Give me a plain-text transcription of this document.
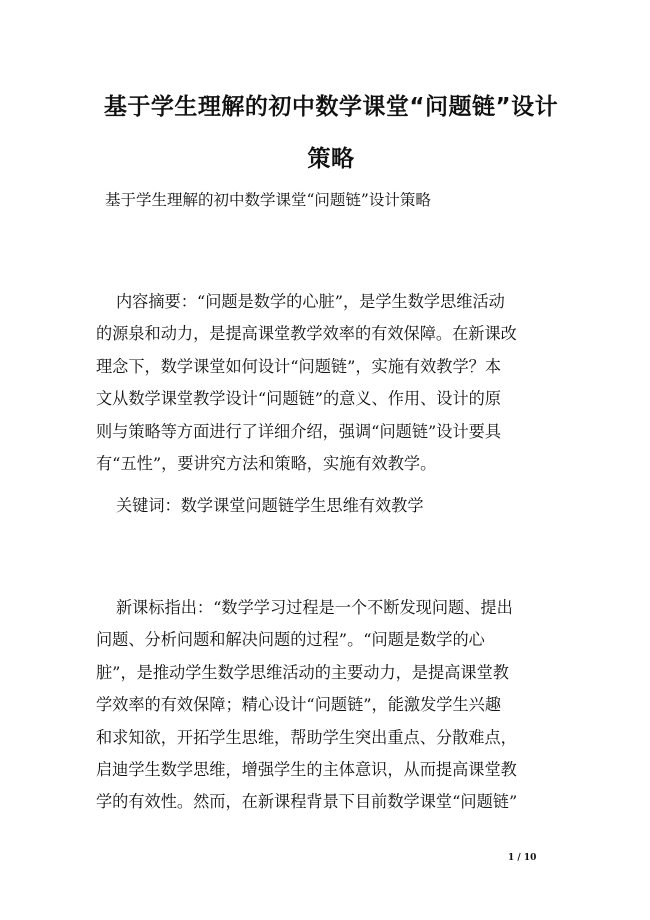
基于学生理解的初中数学课堂“问题链”设计
策略

基于学生理解的初中数学课堂“问题链”设计策略

内容摘要：“问题是数学的心脏”，是学生数学思维活动
的源泉和动力，是提高课堂教学效率的有效保障。在新课改
理念下，数学课堂如何设计“问题链”，实施有效教学？本
文从数学课堂教学设计“问题链”的意义、作用、设计的原
则与策略等方面进行了详细介绍，强调“问题链”设计要具
有“五性”，要讲究方法和策略，实施有效教学。
关键词：数学课堂问题链学生思维有效教学
新课标指出：“数学学习过程是一个不断发现问题、提出
问题、分析问题和解决问题的过程”。“问题是数学的心
脏”，是推动学生数学思维活动的主要动力，是提高课堂教
学效率的有效保障；精心设计“问题链”，能激发学生兴趣
和求知欲，开拓学生思维，帮助学生突出重点、分散难点，
启迪学生数学思维，增强学生的主体意识，从而提高课堂教
学的有效性。然而，在新课程背景下目前数学课堂“问题链”

1 / 10
